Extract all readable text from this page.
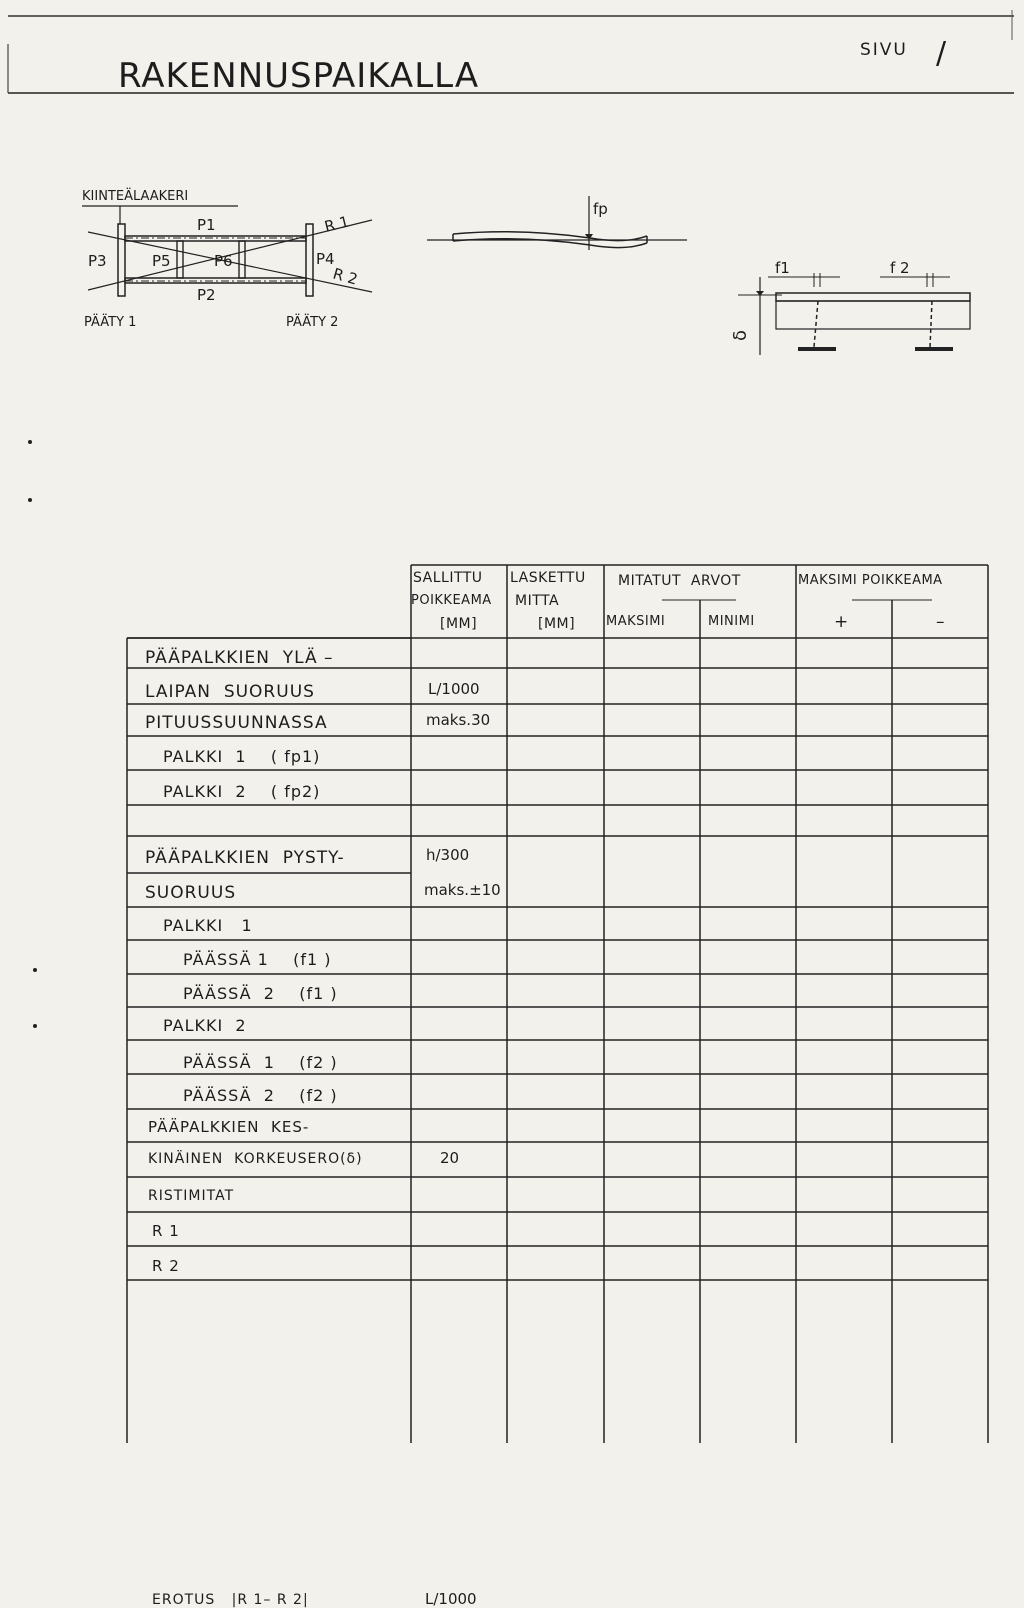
RAKENNUSPAIKALLA
SIVU /
KIINTEÄLAAKERI
P1
P2
P3	P4
P5	P6
R 1
R 2
PÄÄTY 1	PÄÄTY 2
fp
f1	f 2
δ
SALLITTU
POIKKEAMA
[MM]
LASKETTU
MITTA
[MM]
MITATUT  ARVOT
MAKSIMI	MINIMI
MAKSIMI POIKKEAMA
+	–
PÄÄPALKKIEN  YLÄ –
LAIPAN  SUORUUS	L/1000
PITUUSSUUNNASSA	maks.30
PALKKI  1    ( fp1)
PALKKI  2    ( fp2)
PÄÄPALKKIEN  PYSTY-	h/300
SUORUUS	maks.±10
PALKKI   1
PÄÄSSÄ 1    (f1 )
PÄÄSSÄ  2    (f1 )
PALKKI  2
PÄÄSSÄ  1    (f2 )
PÄÄSSÄ  2    (f2 )
PÄÄPALKKIEN  KES-
KINÄINEN  KORKEUSERO(δ)	20
RISTIMITAT
R 1
R 2
EROTUS   |R 1– R 2|	L/1000
